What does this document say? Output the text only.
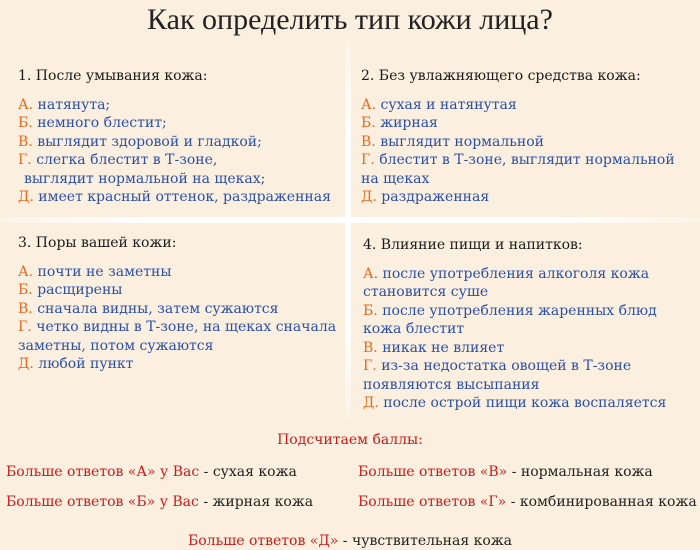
Как определить тип кожи лица?
1. После умывания кожа:
А. натянута;
Б. немного блестит;
В. выглядит здоровой и гладкой;
Г. слегка блестит в Т-зоне,
выглядит нормальной на щеках;
Д. имеет красный оттенок, раздраженная
2. Без увлажняющего средства кожа:
А. сухая и натянутая
Б. жирная
В. выглядит нормальной
Г. блестит в Т-зоне, выглядит нормальной
на щеках
Д. раздраженная
3. Поры вашей кожи:
А. почти не заметны
Б. расщирены
В. сначала видны, затем сужаются
Г. четко видны в Т-зоне, на щеках сначала
заметны, потом сужаются
Д. любой пункт
4. Влияние пищи и напитков:
А. после употребления алкоголя кожа
становится суше
Б. после употребления жаренных блюд
кожа блестит
В. никак не влияет
Г. из-за недостатка овощей в Т-зоне
появляются высыпания
Д. после острой пищи кожа воспаляется
Подсчитаем баллы:
Больше ответов «А» у Вас - сухая кожа	Больше ответов «В» - нормальная кожа
Больше ответов «Б» у Вас - жирная кожа	Больше ответов «Г» - комбинированная кожа
Больше ответов «Д» - чувствительная кожа
